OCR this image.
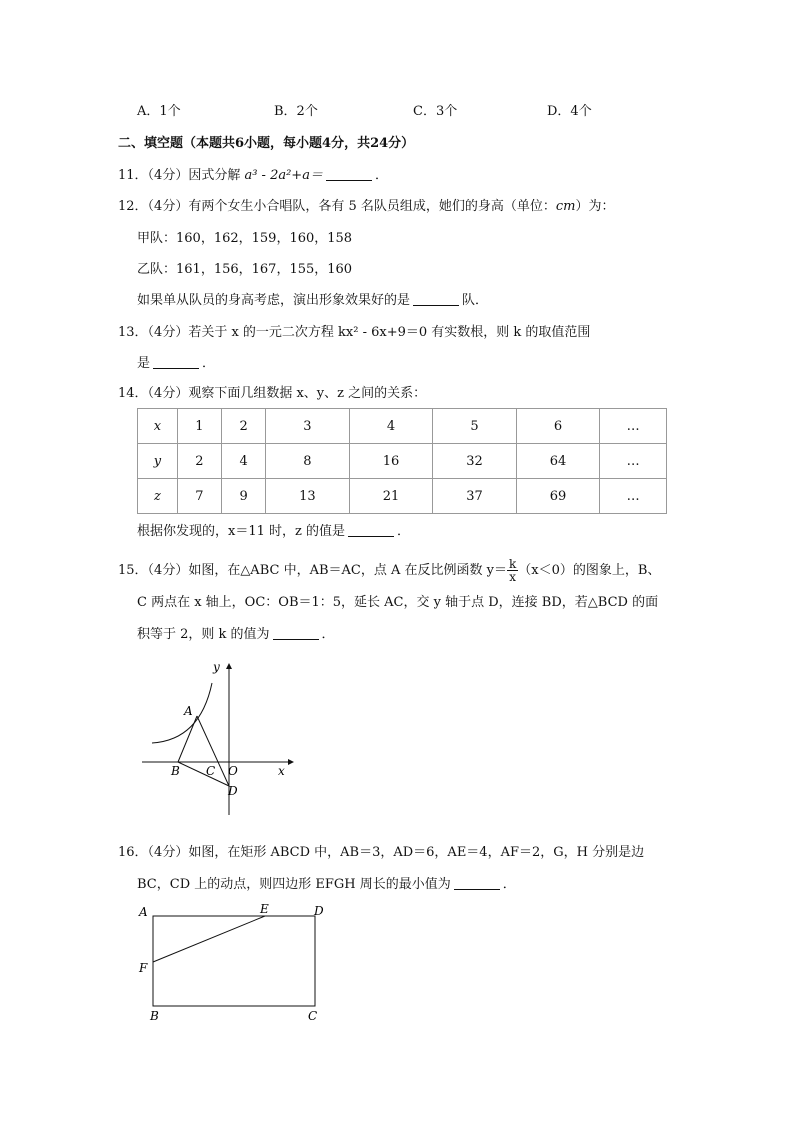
A．1个	B．2个	C．3个	D．4个
二、填空题（本题共6小题，每小题4分，共24分）
11．（4分）因式分解 a³ - 2a²+a＝	．
12．（4分）有两个女生小合唱队，各有 5 名队员组成，她们的身高（单位：cm）为：
甲队：160，162，159，160，158
乙队：161，156，167，155，160
如果单从队员的身高考虑，演出形象效果好的是	队．
13．（4分）若关于 x 的一元二次方程 kx² - 6x+9＝0 有实数根，则 k 的取值范围
是	．
14．（4分）观察下面几组数据 x、y、z 之间的关系：
x	1	2	3	4	5	6	…
y	2	4	8	16	32	64	…
z	7	9	13	21	37	69	…
根据你发现的，x＝11 时，z 的值是	．
15．（4分）如图，在△ABC 中，AB＝AC，点 A 在反比例函数 $y= \frac{k}{x} (x<0)$的图象上，B、
C 两点在 x 轴上，OC：OB＝1：5，延长 AC，交 y 轴于点 D，连接 BD，若△BCD 的面
积等于 2，则 k 的值为	．
y
x
A
B C O
D
16．（4分）如图，在矩形 ABCD 中，AB＝3，AD＝6，AE＝4，AF＝2，G，H 分别是边
BC，CD 上的动点，则四边形 EFGH 周长的最小值为	．
A	E	D
F
B	C
